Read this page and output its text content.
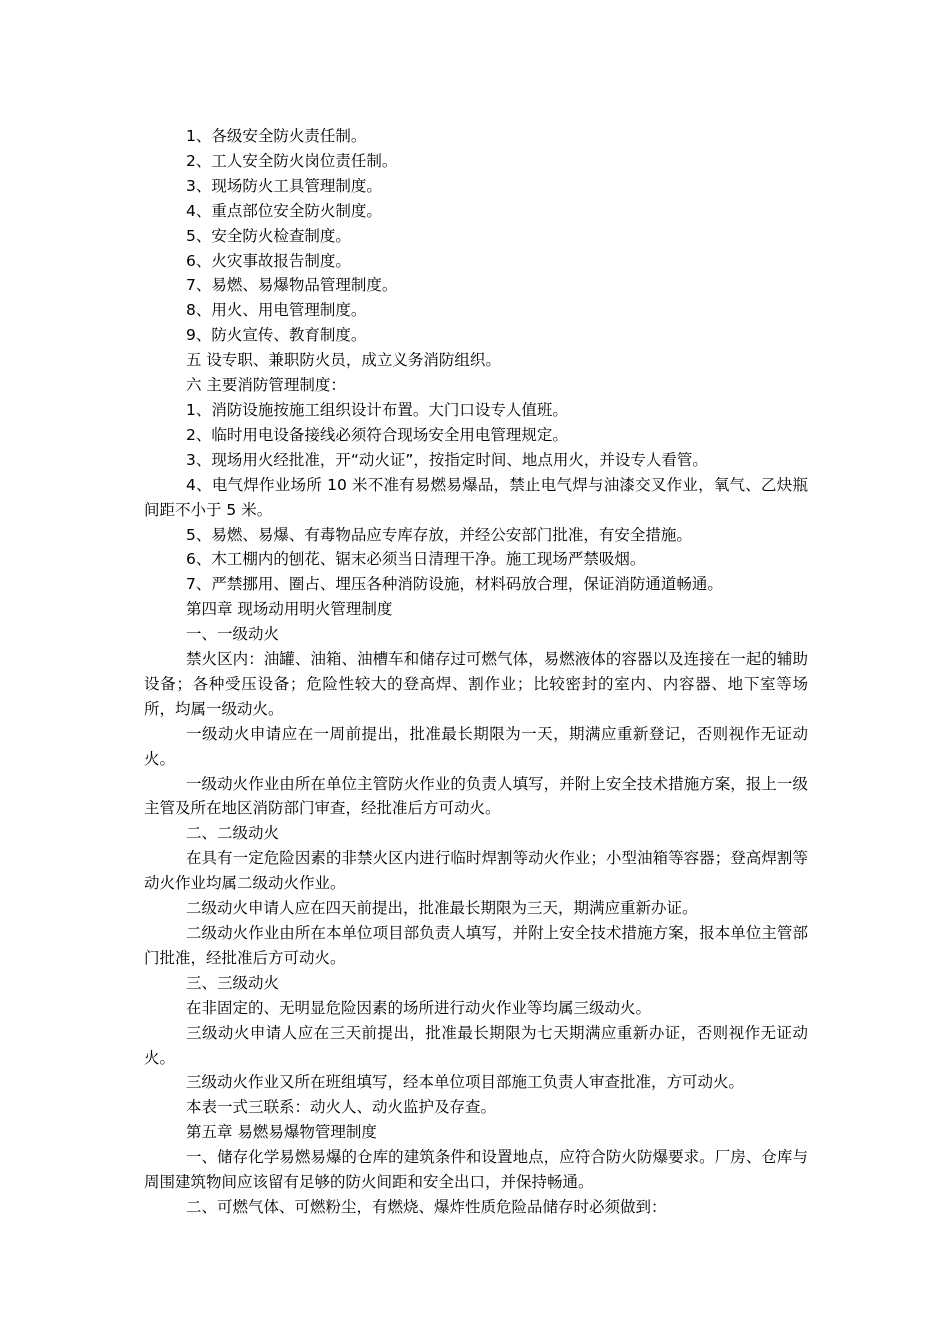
1、各级安全防火责任制。

2、工人安全防火岗位责任制。

3、现场防火工具管理制度。

4、重点部位安全防火制度。

5、安全防火检查制度。

6、火灾事故报告制度。

7、易燃、易爆物品管理制度。

8、用火、用电管理制度。

9、防火宣传、教育制度。

五 设专职、兼职防火员，成立义务消防组织。

六 主要消防管理制度：

1、消防设施按施工组织设计布置。大门口设专人值班。

2、临时用电设备接线必须符合现场安全用电管理规定。

3、现场用火经批准，开“动火证”，按指定时间、地点用火，并设专人看管。

4、电气焊作业场所 10 米不准有易燃易爆品，禁止电气焊与油漆交叉作业，氧气、乙炔瓶间距不小于 5 米。

5、易燃、易爆、有毒物品应专库存放，并经公安部门批准，有安全措施。

6、木工棚内的刨花、锯末必须当日清理干净。施工现场严禁吸烟。

7、严禁挪用、圈占、埋压各种消防设施，材料码放合理，保证消防通道畅通。

第四章 现场动用明火管理制度

一、一级动火

禁火区内：油罐、油箱、油槽车和储存过可燃气体，易燃液体的容器以及连接在一起的辅助设备；各种受压设备；危险性较大的登高焊、割作业；比较密封的室内、内容器、地下室等场所，均属一级动火。

一级动火申请应在一周前提出，批准最长期限为一天，期满应重新登记，否则视作无证动火。

一级动火作业由所在单位主管防火作业的负责人填写，并附上安全技术措施方案，报上一级主管及所在地区消防部门审查，经批准后方可动火。

二、二级动火

在具有一定危险因素的非禁火区内进行临时焊割等动火作业；小型油箱等容器；登高焊割等动火作业均属二级动火作业。

二级动火申请人应在四天前提出，批准最长期限为三天，期满应重新办证。

二级动火作业由所在本单位项目部负责人填写，并附上安全技术措施方案，报本单位主管部门批准，经批准后方可动火。

三、三级动火

在非固定的、无明显危险因素的场所进行动火作业等均属三级动火。

三级动火申请人应在三天前提出，批准最长期限为七天期满应重新办证，否则视作无证动火。

三级动火作业又所在班组填写，经本单位项目部施工负责人审查批准，方可动火。

本表一式三联系：动火人、动火监护及存查。

第五章 易燃易爆物管理制度

一、储存化学易燃易爆的仓库的建筑条件和设置地点，应符合防火防爆要求。厂房、仓库与周围建筑物间应该留有足够的防火间距和安全出口，并保持畅通。

二、可燃气体、可燃粉尘，有燃烧、爆炸性质危险品储存时必须做到：
